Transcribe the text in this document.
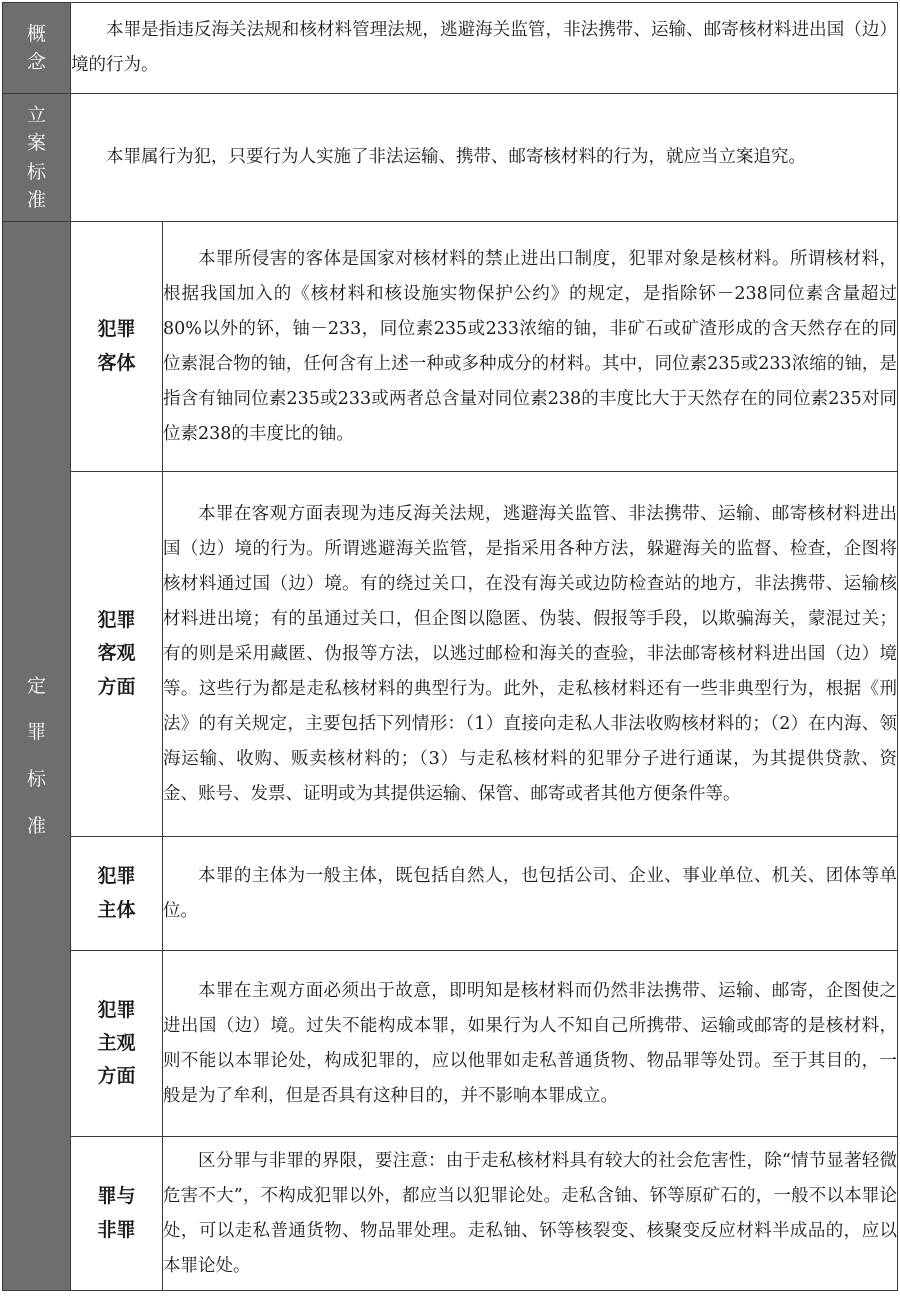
概念	本罪是指违反海关法规和核材料管理法规，逃避海关监管，非法携带、运输、邮寄核材料进出国（边）境的行为。	

立案标准	本罪属行为犯，只要行为人实施了非法运输、携带、邮寄核材料的行为，就应当立案追究。	

定罪标准	犯罪客体	本罪所侵害的客体是国家对核材料的禁止进出口制度，犯罪对象是核材料。所谓核材料，根据我国加入的《核材料和核设施实物保护公约》的规定，是指除钚－238同位素含量超过80%以外的钚，铀－233，同位素235或233浓缩的铀，非矿石或矿渣形成的含天然存在的同位素混合物的铀，任何含有上述一种或多种成分的材料。其中，同位素235或233浓缩的铀，是指含有铀同位素235或233或两者总含量对同位素238的丰度比大于天然存在的同位素235对同位素238的丰度比的铀。

	犯罪客观方面	本罪在客观方面表现为违反海关法规，逃避海关监管、非法携带、运输、邮寄核材料进出国（边）境的行为。所谓逃避海关监管，是指采用各种方法，躲避海关的监督、检查，企图将核材料通过国（边）境。有的绕过关口，在没有海关或边防检查站的地方，非法携带、运输核材料进出境；有的虽通过关口，但企图以隐匿、伪装、假报等手段，以欺骗海关，蒙混过关；有的则是采用藏匿、伪报等方法，以逃过邮检和海关的查验，非法邮寄核材料进出国（边）境等。这些行为都是走私核材料的典型行为。此外，走私核材料还有一些非典型行为，根据《刑法》的有关规定，主要包括下列情形：（1）直接向走私人非法收购核材料的；（2）在内海、领海运输、收购、贩卖核材料的；（3）与走私核材料的犯罪分子进行通谋，为其提供贷款、资金、账号、发票、证明或为其提供运输、保管、邮寄或者其他方便条件等。

	犯罪主体	本罪的主体为一般主体，既包括自然人，也包括公司、企业、事业单位、机关、团体等单位。

	犯罪主观方面	本罪在主观方面必须出于故意，即明知是核材料而仍然非法携带、运输、邮寄，企图使之进出国（边）境。过失不能构成本罪，如果行为人不知自己所携带、运输或邮寄的是核材料，则不能以本罪论处，构成犯罪的，应以他罪如走私普通货物、物品罪等处罚。至于其目的，一般是为了牟利，但是否具有这种目的，并不影响本罪成立。

	罪与非罪	区分罪与非罪的界限，要注意：由于走私核材料具有较大的社会危害性，除“情节显著轻微危害不大”，不构成犯罪以外，都应当以犯罪论处。走私含铀、钚等原矿石的，一般不以本罪论处，可以走私普通货物、物品罪处理。走私铀、钚等核裂变、核聚变反应材料半成品的，应以本罪论处。
